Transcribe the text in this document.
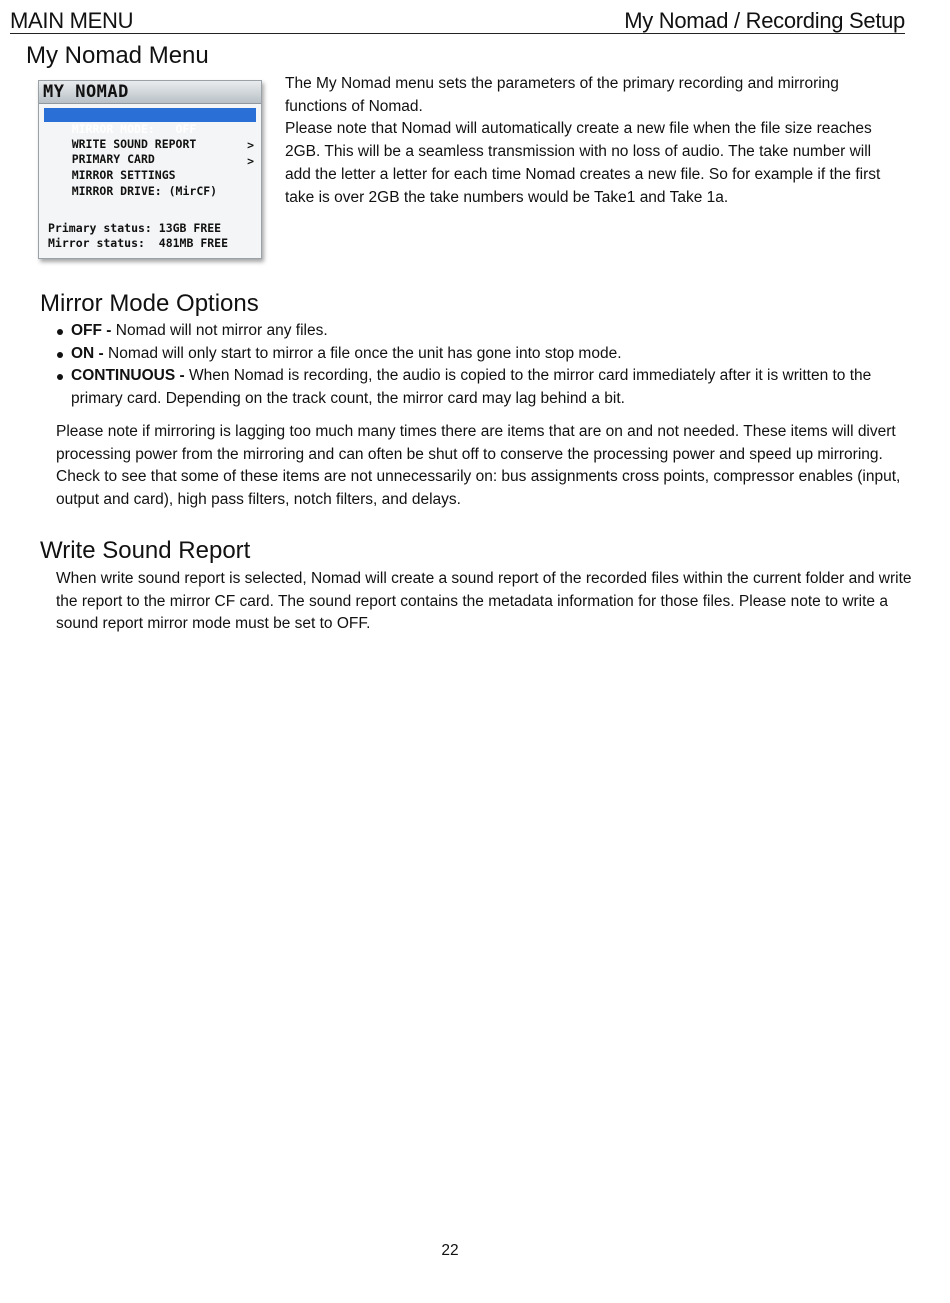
MAIN MENU	My Nomad / Recording Setup
My Nomad Menu
MY NOMAD

MIRROR MODE:   OFF

WRITE SOUND REPORT

PRIMARY CARD

>

MIRROR SETTINGS

>

MIRROR DRIVE: (MirCF)

Primary status: 13GB FREE
Mirror status:  481MB FREE

The My Nomad menu sets the parameters of the primary recording and mirroring functions of Nomad.

Please note that Nomad will automatically create a new file when the file size reaches 2GB. This will be a seamless transmission with no loss of audio. The take number will add the letter a letter for each time Nomad creates a new file. So for example if the first take is over 2GB the take numbers would be Take1 and Take 1a.

Mirror Mode Options
OFF - Nomad will not mirror any files.
ON - Nomad will only start to mirror a file once the unit has gone into stop mode.
CONTINUOUS - When Nomad is recording, the audio is copied to the mirror card immediately after it is written to the primary card. Depending on the track count, the mirror card may lag behind a bit.

Please note if mirroring is lagging too much many times there are items that are on and not needed. These items will divert processing power from the mirroring and can often be shut off to conserve the processing power and speed up mirroring. Check to see that some of these items are not unnecessarily on: bus assignments cross points, compressor enables (input, output and card), high pass filters, notch filters, and delays.

Write Sound Report

When write sound report is selected, Nomad will create a sound report of the recorded files within the current folder and write the report to the mirror CF card. The sound report contains the metadata information for those files. Please note to write a sound report mirror mode must be set to OFF.

22
